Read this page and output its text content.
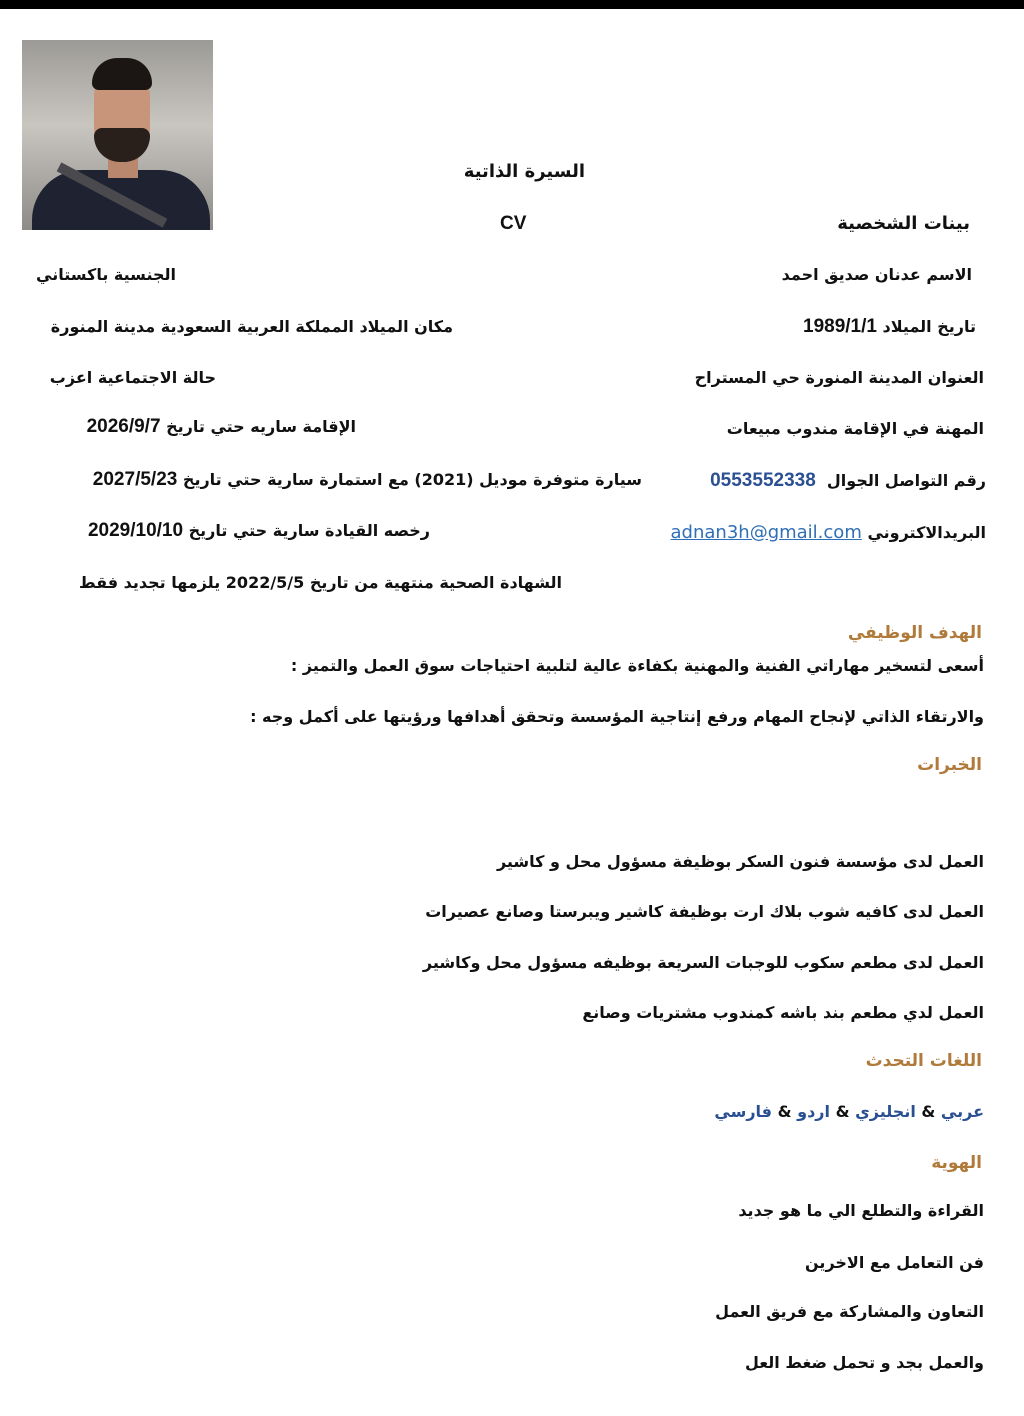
السيرة الذاتية
CV	بينات الشخصية
الاسم عدنان صديق احمد
الجنسية باكستاني
تاريخ الميلاد 1989/1/1
مكان الميلاد المملكة العربية السعودية مدينة المنورة
العنوان المدينة المنورة حي المستراح
حالة الاجتماعية اعزب
المهنة في الإقامة مندوب مبيعات
الإقامة ساريه حتي تاريخ 2026/9/7
رقم التواصل الجوال  0553552338
سيارة متوفرة موديل (2021) مع استمارة سارية حتي تاريخ 2027/5/23
البريدالاكتروني adnan3h@gmail.com
رخصه القيادة سارية حتي تاريخ 2029/10/10
الشهادة الصحية منتهية من تاريخ 2022/5/5 يلزمها تجديد فقط
الهدف الوظيفي
أسعى لتسخير مهاراتي الفنية والمهنية بكفاءة عالية لتلبية احتياجات سوق العمل والتميز :
والارتقاء الذاتي لإنجاح المهام ورفع إنتاجية المؤسسة وتحقق أهدافها ورؤيتها على أكمل وجه :
الخبرات
العمل لدى مؤسسة فنون السكر بوظيفة مسؤول محل و كاشير
العمل لدى كافيه شوب بلاك ارت بوظيفة كاشير ويبرستا وصانع عصيرات
العمل لدى مطعم سكوب للوجبات السريعة بوظيفه مسؤول محل وكاشير
العمل لدي مطعم بند باشه كمندوب مشتريات وصانع
اللغات التحدث
عربي & انجليزي & اردو & فارسي
الهوية
القراءة والتطلع الي ما هو جديد
فن التعامل مع الاخرين
التعاون والمشاركة مع فريق العمل
والعمل بجد و تحمل ضغط العل
